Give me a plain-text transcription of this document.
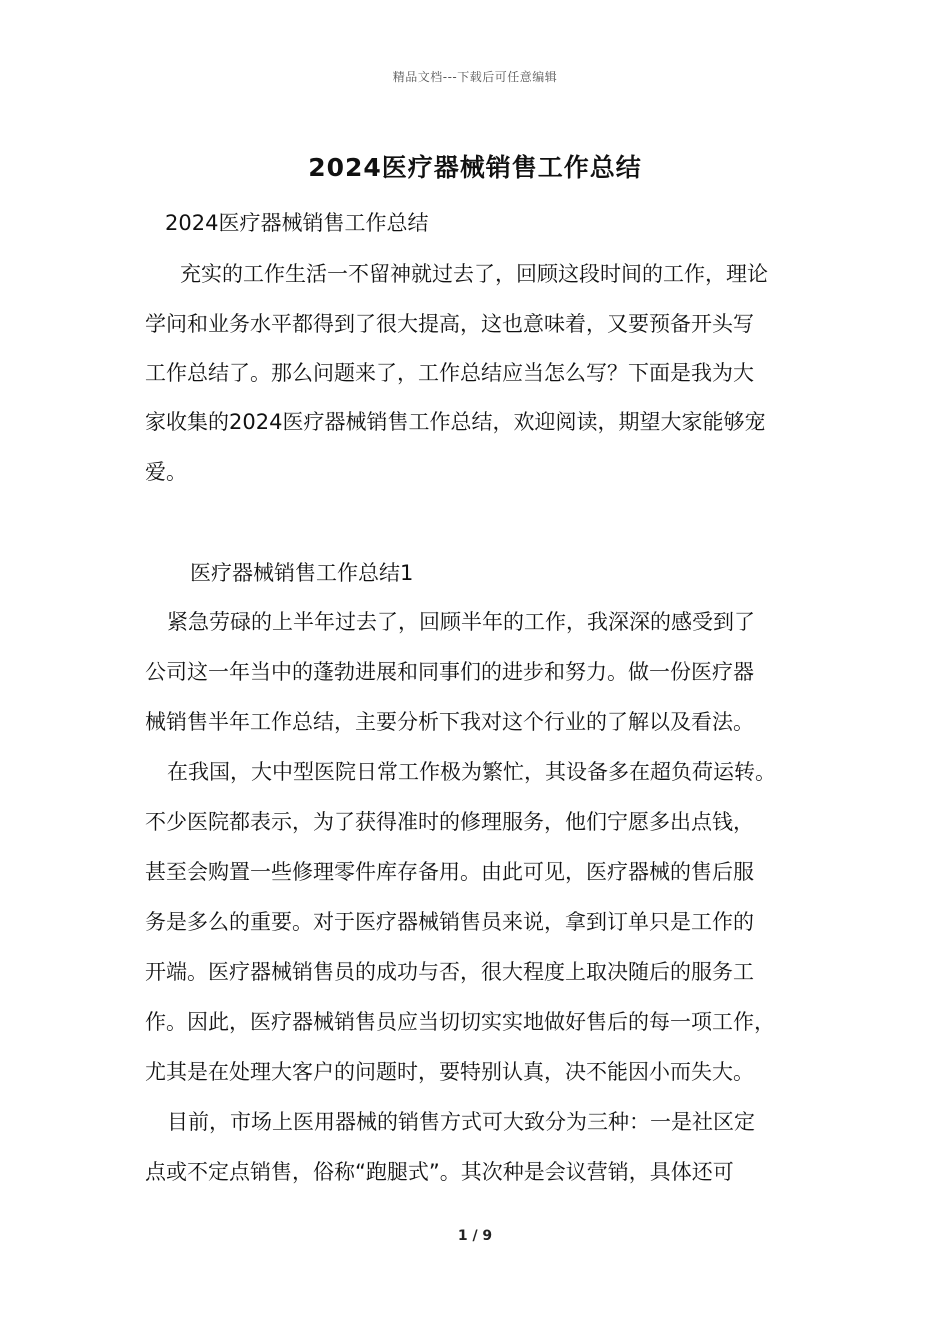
精品文档---下载后可任意编辑
2024医疗器械销售工作总结
2024医疗器械销售工作总结
充实的工作生活一不留神就过去了，回顾这段时间的工作，理论
学问和业务水平都得到了很大提高，这也意味着，又要预备开头写
工作总结了。那么问题来了，工作总结应当怎么写？下面是我为大
家收集的2024医疗器械销售工作总结，欢迎阅读，期望大家能够宠
爱。
医疗器械销售工作总结1
紧急劳碌的上半年过去了，回顾半年的工作，我深深的感受到了
公司这一年当中的蓬勃进展和同事们的进步和努力。做一份医疗器
械销售半年工作总结，主要分析下我对这个行业的了解以及看法。
在我国，大中型医院日常工作极为繁忙，其设备多在超负荷运转。
不少医院都表示，为了获得准时的修理服务，他们宁愿多出点钱，
甚至会购置一些修理零件库存备用。由此可见，医疗器械的售后服
务是多么的重要。对于医疗器械销售员来说，拿到订单只是工作的
开端。医疗器械销售员的成功与否，很大程度上取决随后的服务工
作。因此，医疗器械销售员应当切切实实地做好售后的每一项工作，
尤其是在处理大客户的问题时，要特别认真，决不能因小而失大。
目前，市场上医用器械的销售方式可大致分为三种：一是社区定
点或不定点销售，俗称“跑腿式”。其次种是会议营销，具体还可
1 / 9
